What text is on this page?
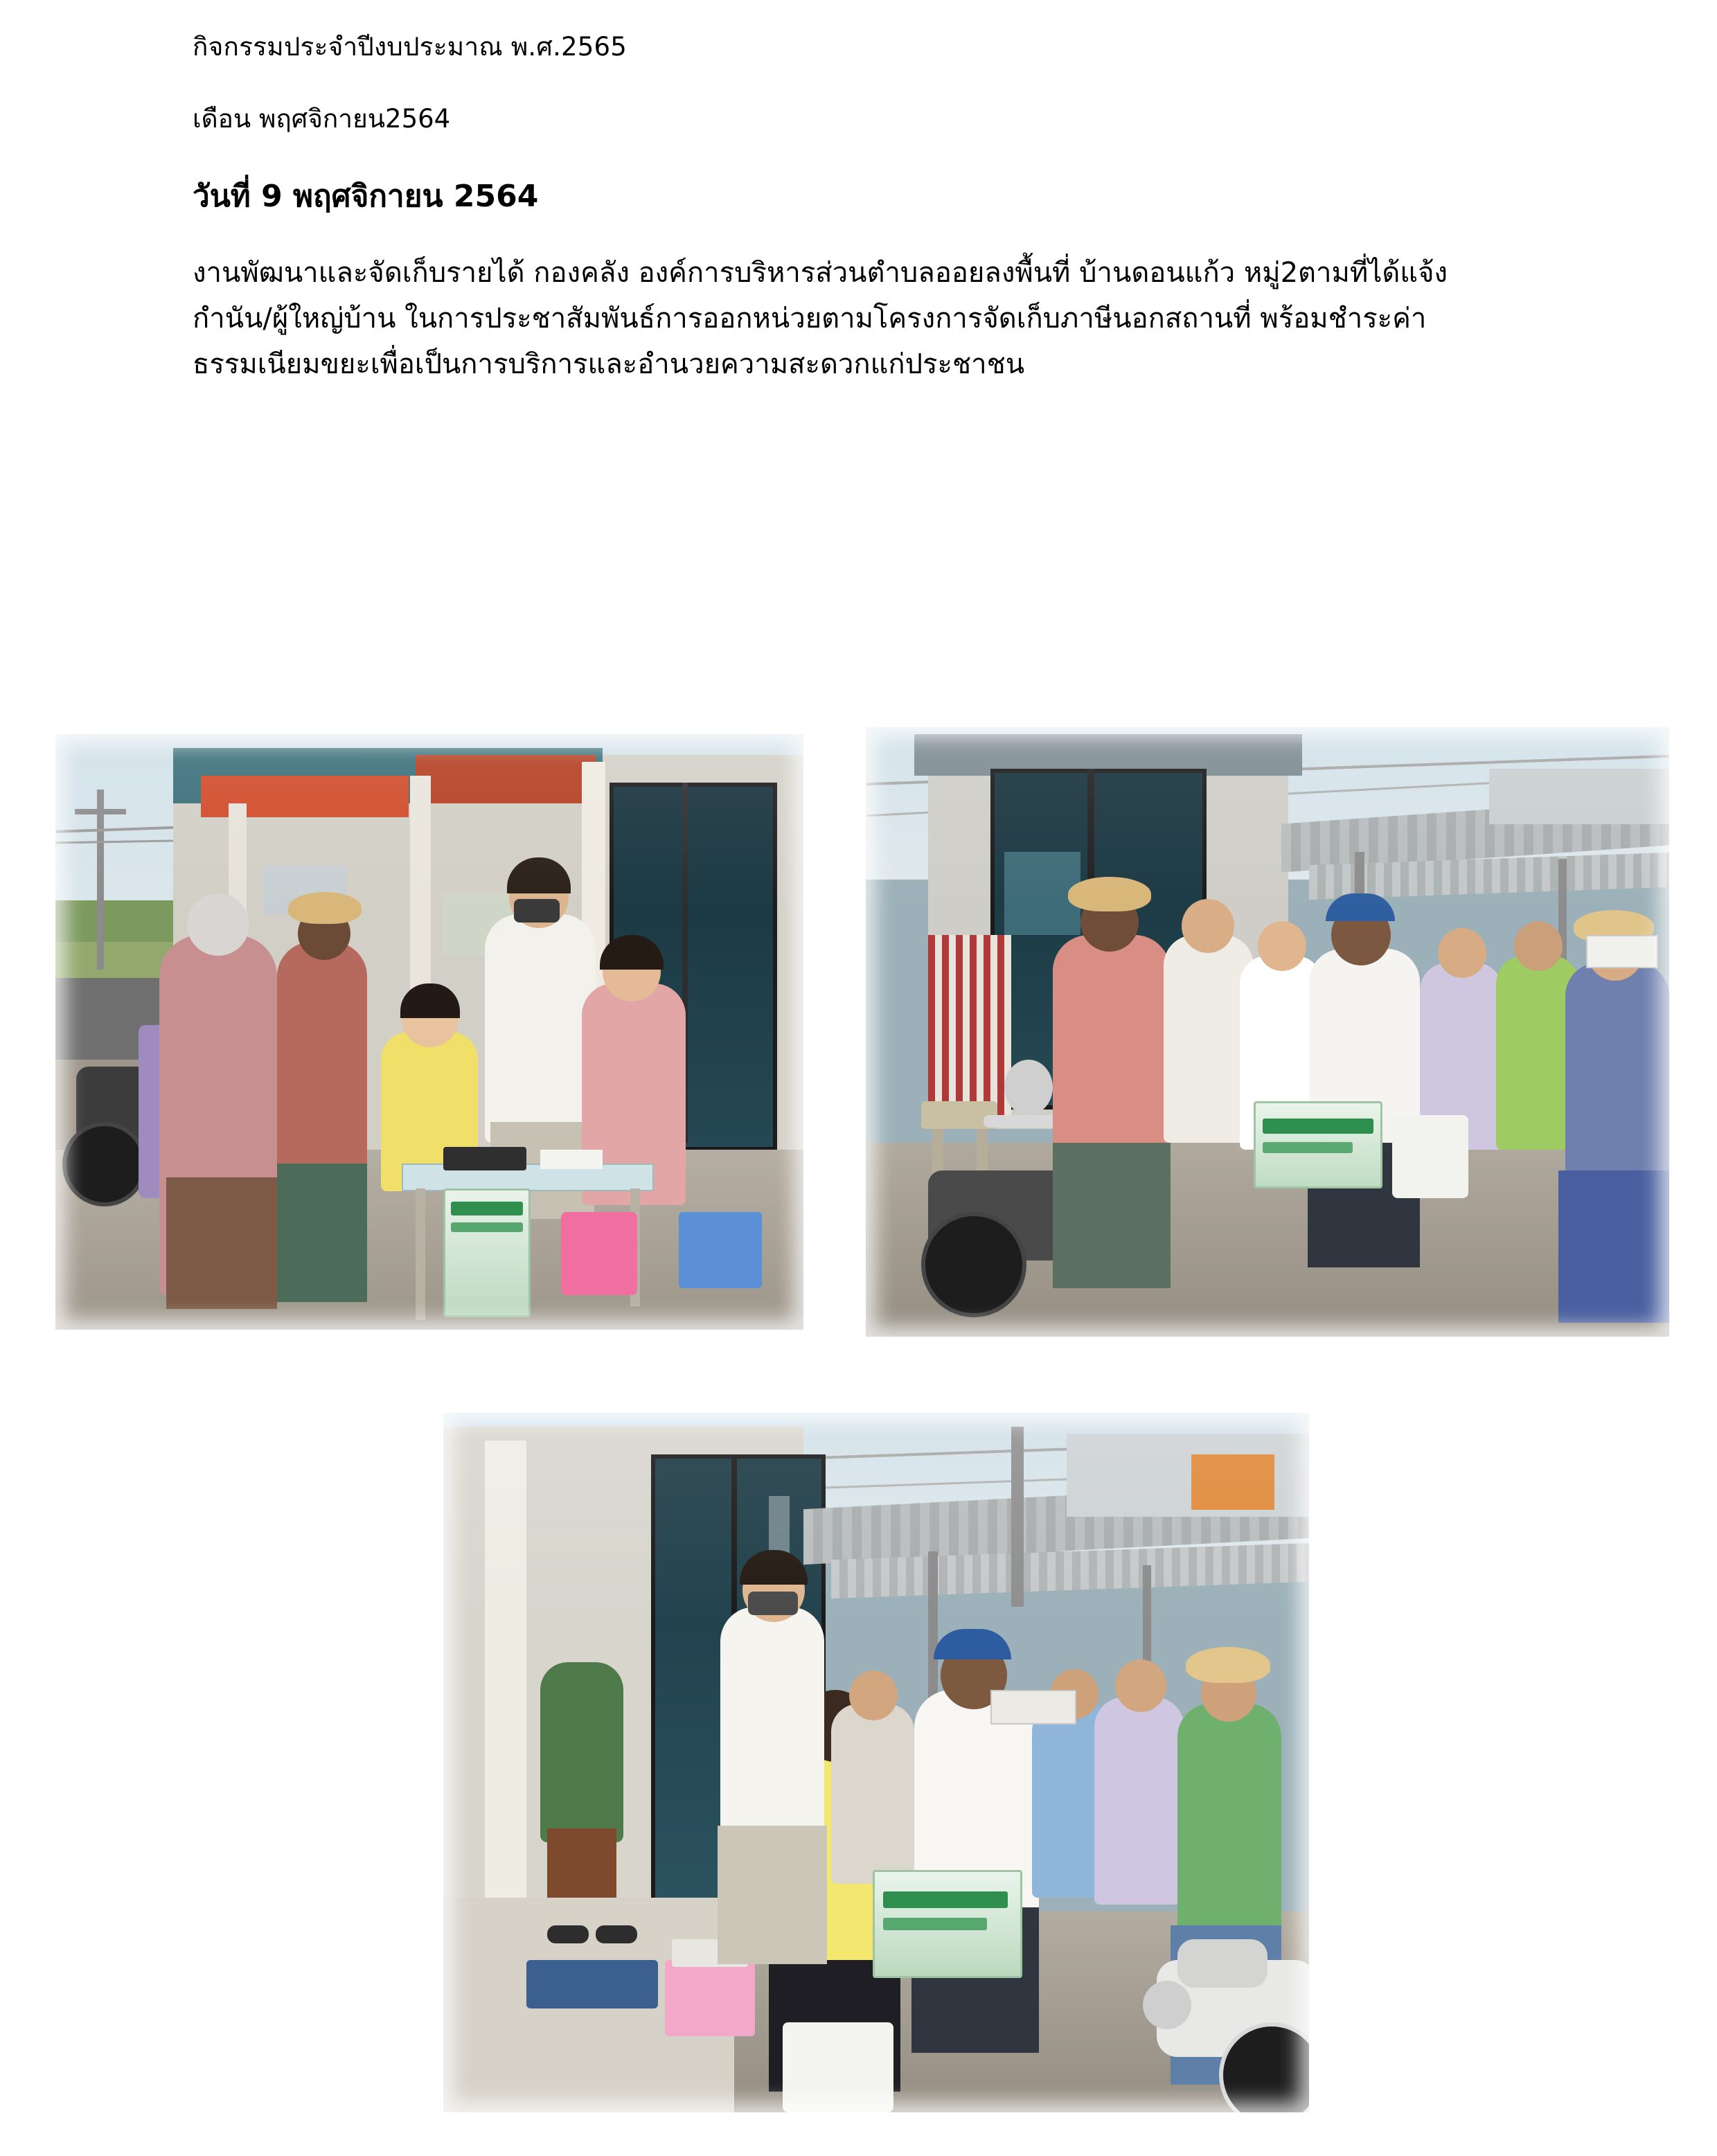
กิจกรรมประจำปีงบประมาณ พ.ศ.2565

เดือน พฤศจิกายน2564

วันที่ 9 พฤศจิกายน 2564

งานพัฒนาและจัดเก็บรายได้ กองคลัง องค์การบริหารส่วนตำบลออยลงพื้นที่ บ้านดอนแก้ว หมู่2ตามที่ได้แจ้งกำนัน/ผู้ใหญ่บ้าน ในการประชาสัมพันธ์การออกหน่วยตามโครงการจัดเก็บภาษีนอกสถานที่ พร้อมชำระค่าธรรมเนียมขยะเพื่อเป็นการบริการและอำนวยความสะดวกแก่ประชาชน
